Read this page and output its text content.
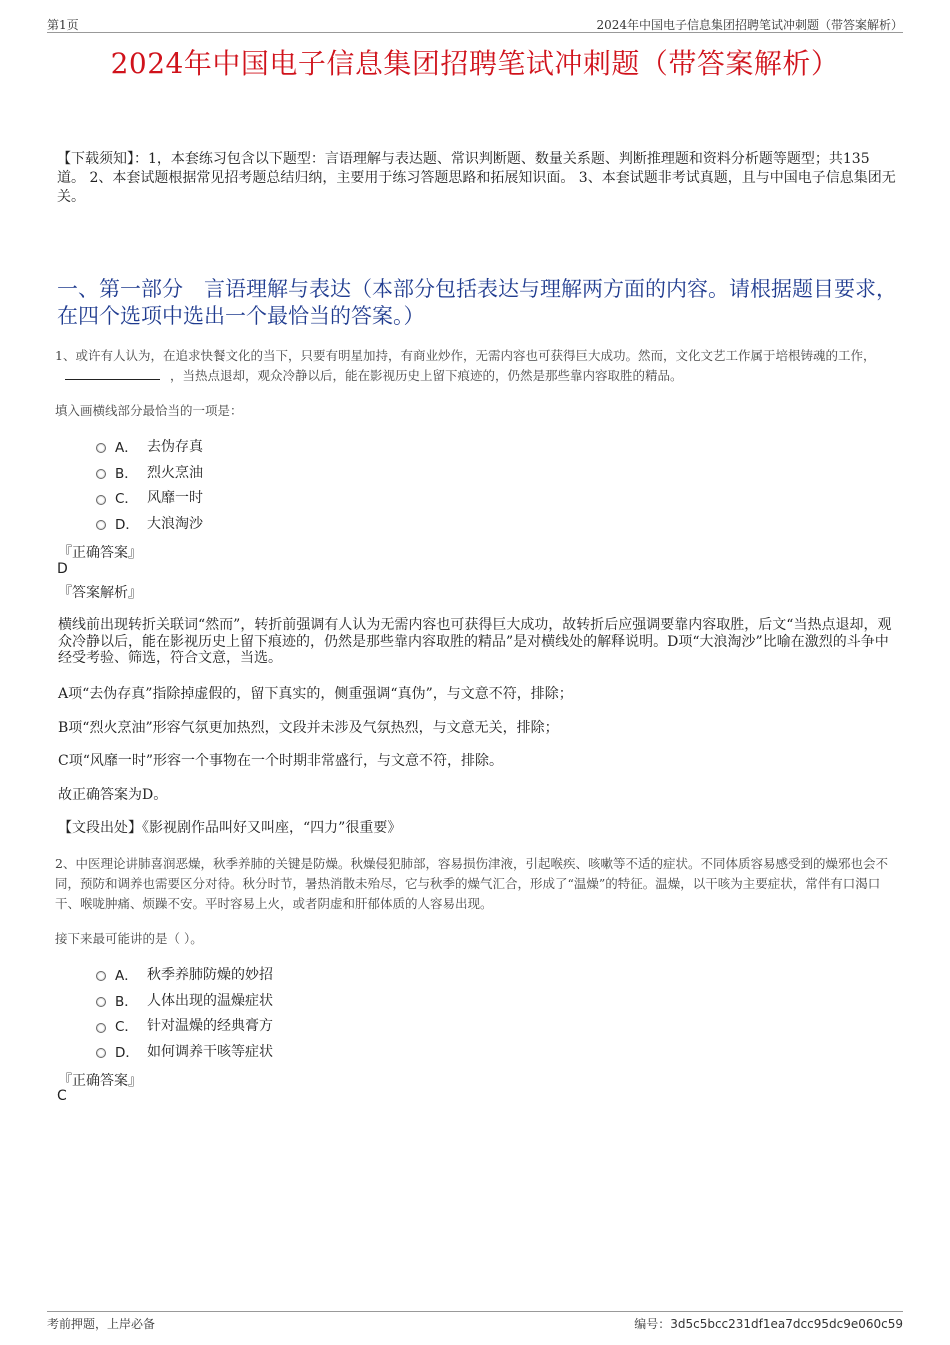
第1页	2024年中国电子信息集团招聘笔试冲刺题（带答案解析）
2024年中国电子信息集团招聘笔试冲刺题（带答案解析）
【下载须知】：1，本套练习包含以下题型：言语理解与表达题、常识判断题、数量关系题、判断推理题和资料分析题等题型；共135道。 2、本套试题根据常见招考题总结归纳，主要用于练习答题思路和拓展知识面。 3、本套试题非考试真题，且与中国电子信息集团无关。
一、第一部分　言语理解与表达（本部分包括表达与理解两方面的内容。请根据题目要求，在四个选项中选出一个最恰当的答案。）
1、或许有人认为，在追求快餐文化的当下，只要有明星加持，有商业炒作，无需内容也可获得巨大成功。然而，文化文艺工作属于培根铸魂的工作，，当热点退却，观众冷静以后，能在影视历史上留下痕迹的，仍然是那些靠内容取胜的精品。
填入画横线部分最恰当的一项是：
A． 去伪存真
B． 烈火烹油
C． 风靡一时
D． 大浪淘沙
『正确答案』
D
『答案解析』
横线前出现转折关联词“然而”，转折前强调有人认为无需内容也可获得巨大成功，故转折后应强调要靠内容取胜，后文“当热点退却，观众冷静以后，能在影视历史上留下痕迹的，仍然是那些靠内容取胜的精品”是对横线处的解释说明。D项“大浪淘沙”比喻在激烈的斗争中经受考验、筛选，符合文意，当选。
A项“去伪存真”指除掉虚假的，留下真实的，侧重强调“真伪”，与文意不符，排除；
B项“烈火烹油”形容气氛更加热烈，文段并未涉及气氛热烈，与文意无关，排除；
C项“风靡一时”形容一个事物在一个时期非常盛行，与文意不符，排除。
故正确答案为D。
【文段出处】《影视剧作品叫好又叫座，“四力”很重要》
2、中医理论讲肺喜润恶燥，秋季养肺的关键是防燥。秋燥侵犯肺部，容易损伤津液，引起喉疾、咳嗽等不适的症状。不同体质容易感受到的燥邪也会不同，预防和调养也需要区分对待。秋分时节，暑热消散未殆尽，它与秋季的燥气汇合，形成了“温燥”的特征。温燥，以干咳为主要症状，常伴有口渴口干、喉咙肿痛、烦躁不安。平时容易上火，或者阴虚和肝郁体质的人容易出现。
接下来最可能讲的是（ ）。
A． 秋季养肺防燥的妙招
B． 人体出现的温燥症状
C． 针对温燥的经典膏方
D． 如何调养干咳等症状
『正确答案』
C
考前押题，上岸必备	编号：3d5c5bcc231df1ea7dcc95dc9e060c59
